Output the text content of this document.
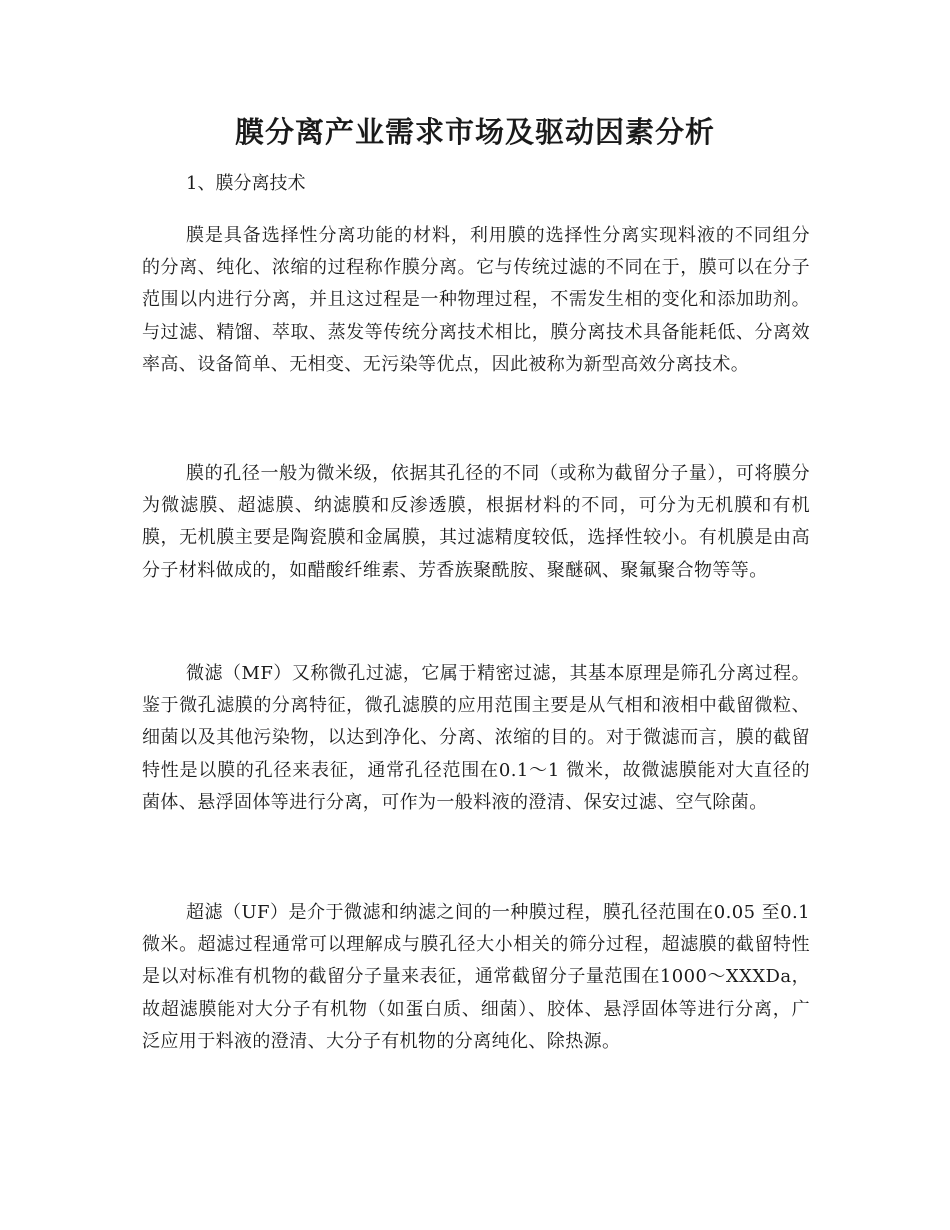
膜分离产业需求市场及驱动因素分析

1、膜分离技术

膜是具备选择性分离功能的材料，利用膜的选择性分离实现料液的不同组分的分离、纯化、浓缩的过程称作膜分离。它与传统过滤的不同在于，膜可以在分子范围以内进行分离，并且这过程是一种物理过程，不需发生相的变化和添加助剂。与过滤、精馏、萃取、蒸发等传统分离技术相比，膜分离技术具备能耗低、分离效率高、设备简单、无相变、无污染等优点，因此被称为新型高效分离技术。

膜的孔径一般为微米级，依据其孔径的不同（或称为截留分子量），可将膜分为微滤膜、超滤膜、纳滤膜和反渗透膜，根据材料的不同，可分为无机膜和有机膜，无机膜主要是陶瓷膜和金属膜，其过滤精度较低，选择性较小。有机膜是由高分子材料做成的，如醋酸纤维素、芳香族聚酰胺、聚醚砜、聚氟聚合物等等。

微滤（MF）又称微孔过滤，它属于精密过滤，其基本原理是筛孔分离过程。鉴于微孔滤膜的分离特征，微孔滤膜的应用范围主要是从气相和液相中截留微粒、细菌以及其他污染物，以达到净化、分离、浓缩的目的。对于微滤而言，膜的截留特性是以膜的孔径来表征，通常孔径范围在0.1～1 微米，故微滤膜能对大直径的菌体、悬浮固体等进行分离，可作为一般料液的澄清、保安过滤、空气除菌。

超滤（UF）是介于微滤和纳滤之间的一种膜过程，膜孔径范围在0.05 至0.1 微米。超滤过程通常可以理解成与膜孔径大小相关的筛分过程，超滤膜的截留特性是以对标准有机物的截留分子量来表征，通常截留分子量范围在1000～XXXDa，故超滤膜能对大分子有机物（如蛋白质、细菌）、胶体、悬浮固体等进行分离，广泛应用于料液的澄清、大分子有机物的分离纯化、除热源。
